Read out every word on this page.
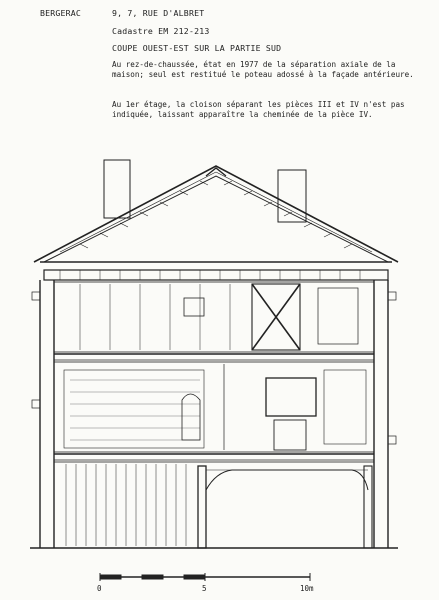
BERGERAC	9, 7, RUE D'ALBRET
Cadastre EM 212-213
COUPE OUEST-EST SUR LA PARTIE SUD
Au rez-de-chaussée, état en 1977 de la séparation axiale de la maison; seul est restitué le poteau adossé à la façade antérieure.
Au 1er étage, la cloison séparant les pièces III et IV n'est pas indiquée, laissant apparaître la cheminée de la pièce IV.
0	5	10m
